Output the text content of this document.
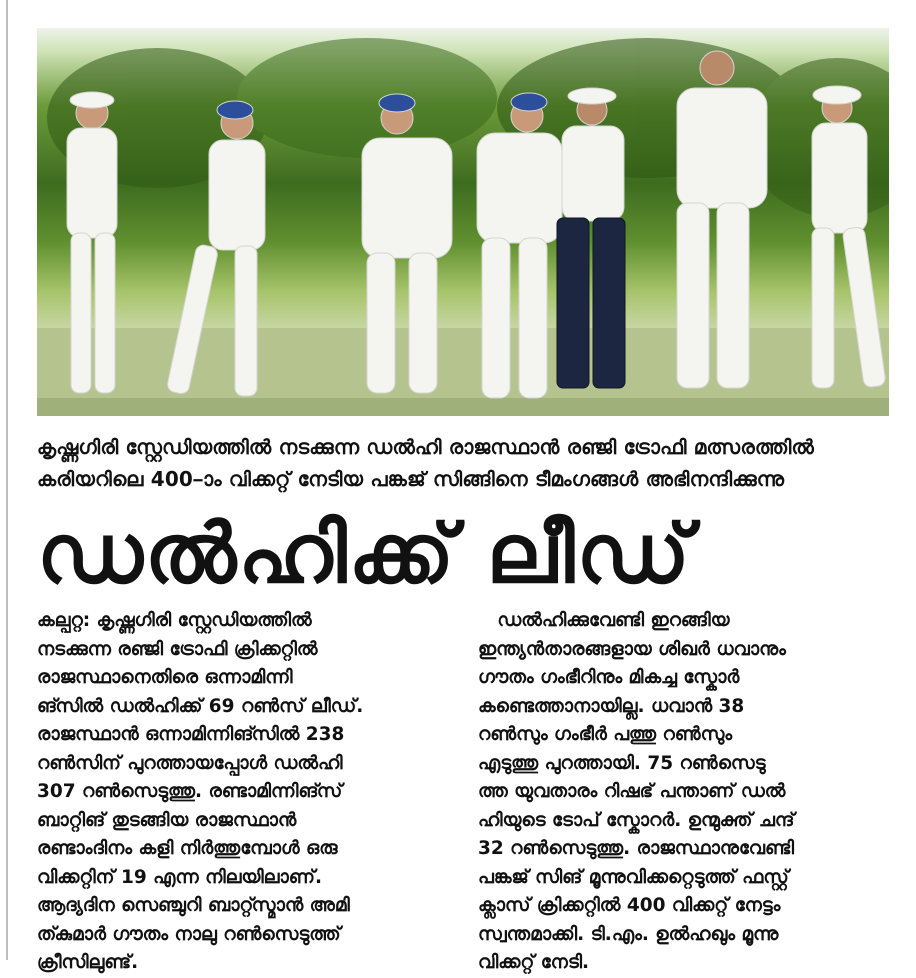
കൃഷ്ണഗിരി സ്റ്റേഡിയത്തിൽ നടക്കുന്ന ഡൽഹി രാജസ്ഥാൻ രഞ്ജി ട്രോഫി മത്സരത്തിൽ
കരിയറിലെ 400–ാം വിക്കറ്റ് നേടിയ പങ്കജ് സിങ്ങിനെ ടീമംഗങ്ങൾ അഭിനന്ദിക്കുന്നു
ഡൽഹിക്ക് ലീഡ്
കല്പറ്റ: കൃഷ്ണഗിരി സ്റ്റേഡിയത്തിൽ
നടക്കുന്ന രഞ്ജി ട്രോഫി ക്രിക്കറ്റിൽ
രാജസ്ഥാനെതിരെ ഒന്നാമിന്നി
ങ്സിൽ ഡൽഹിക്ക് 69 റൺസ് ലീഡ്.
രാജസ്ഥാൻ ഒന്നാമിന്നിങ്സിൽ 238
റൺസിന് പുറത്തായപ്പോൾ ഡൽഹി
307 റൺസെടുത്തു. രണ്ടാമിന്നിങ്സ്
ബാറ്റിങ് തുടങ്ങിയ രാജസ്ഥാൻ
രണ്ടാംദിനം കളി നിർത്തുമ്പോൾ ഒരു
വിക്കറ്റിന് 19 എന്ന നിലയിലാണ്.
ആദ്യദിന സെഞ്ചുറി ബാറ്റ്സ്മാൻ അമി
ത്കുമാർ ഗൗതം നാലു റൺസെടുത്ത്
ക്രീസിലുണ്ട്.
ഡൽഹിക്കുവേണ്ടി ഇറങ്ങിയ
ഇന്ത്യൻതാരങ്ങളായ ശിഖർ ധവാനും
ഗൗതം ഗംഭീറിനും മികച്ച സ്കോർ
കണ്ടെത്താനായില്ല. ധവാൻ 38
റൺസും ഗംഭീർ പത്തു റൺസും
എടുത്തു പുറത്തായി. 75 റൺസെടു
ത്ത യുവതാരം റിഷഭ് പന്താണ് ഡൽ
ഹിയുടെ ടോപ് സ്കോറർ. ഉന്മുക്ത് ചന്ദ്
32 റൺസെടുത്തു. രാജസ്ഥാനുവേണ്ടി
പങ്കജ് സിങ് മൂന്നുവിക്കറ്റെടുത്ത് ഫസ്റ്റ്
ക്ലാസ് ക്രിക്കറ്റിൽ 400 വിക്കറ്റ് നേട്ടം
സ്വന്തമാക്കി. ടി.എം. ഉൽഹഖും മൂന്നു
വിക്കറ്റ് നേടി.
